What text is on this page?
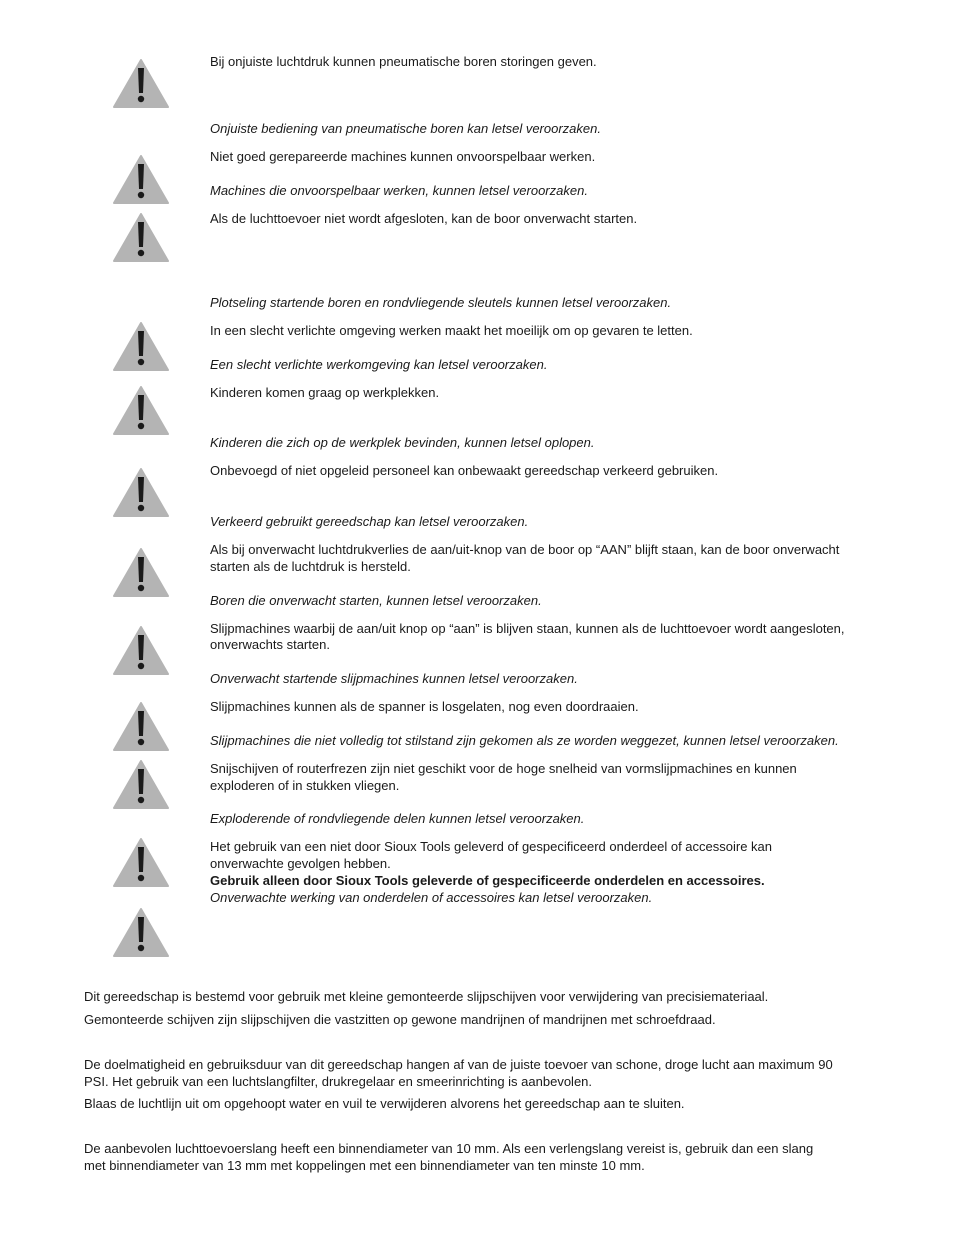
Bij onjuiste luchtdruk kunnen pneumatische boren storingen geven.
Onjuiste bediening van pneumatische boren kan letsel veroorzaken.
Niet goed gerepareerde machines kunnen onvoorspelbaar werken.
Machines die onvoorspelbaar werken, kunnen letsel veroorzaken.
Als de luchttoevoer niet wordt afgesloten, kan de boor onverwacht starten.
Plotseling startende boren en rondvliegende sleutels kunnen letsel veroorzaken.
In een slecht verlichte omgeving werken maakt het moeilijk om op gevaren te letten.
Een slecht verlichte werkomgeving kan letsel veroorzaken.
Kinderen komen graag op werkplekken.
Kinderen die zich op de werkplek bevinden, kunnen letsel oplopen.
Onbevoegd of niet opgeleid personeel kan onbewaakt gereedschap verkeerd gebruiken.
Verkeerd gebruikt gereedschap kan letsel veroorzaken.
Als bij onverwacht luchtdrukverlies de aan/uit-knop van de boor op “AAN” blijft staan, kan de boor onverwacht
starten als de luchtdruk is hersteld.
Boren die onverwacht starten, kunnen letsel veroorzaken.
Slijpmachines waarbij de aan/uit knop op “aan” is blijven staan, kunnen als de luchttoevoer wordt aangesloten,
onverwachts starten.
Onverwacht startende slijpmachines kunnen letsel veroorzaken.
Slijpmachines kunnen als de spanner is losgelaten, nog even doordraaien.
Slijpmachines die niet volledig tot stilstand zijn gekomen als ze worden weggezet, kunnen letsel veroorzaken.
Snijschijven of routerfrezen zijn niet geschikt voor de hoge snelheid van vormslijpmachines en kunnen
exploderen of in stukken vliegen.
Exploderende of rondvliegende delen kunnen letsel veroorzaken.
Het gebruik van een niet door Sioux Tools geleverd of gespecificeerd onderdeel of accessoire kan
onverwachte gevolgen hebben.
Gebruik alleen door Sioux Tools geleverde of gespecificeerde onderdelen en accessoires.
Onverwachte werking van onderdelen of accessoires kan letsel veroorzaken.
Dit gereedschap is bestemd voor gebruik met kleine gemonteerde slijpschijven voor verwijdering van precisiemateriaal.
Gemonteerde schijven zijn slijpschijven die vastzitten op gewone mandrijnen of mandrijnen met schroefdraad.
De doelmatigheid en gebruiksduur van dit gereedschap hangen af van de juiste toevoer van schone, droge lucht aan maximum 90
PSI. Het gebruik van een luchtslangfilter, drukregelaar en smeerinrichting is aanbevolen.
Blaas de luchtlijn uit om opgehoopt water en vuil te verwijderen alvorens het gereedschap aan te sluiten.
De aanbevolen luchttoevoerslang heeft een binnendiameter van 10 mm. Als een verlengslang vereist is, gebruik dan een slang
met binnendiameter van 13 mm met koppelingen met een binnendiameter van ten minste 10 mm.
